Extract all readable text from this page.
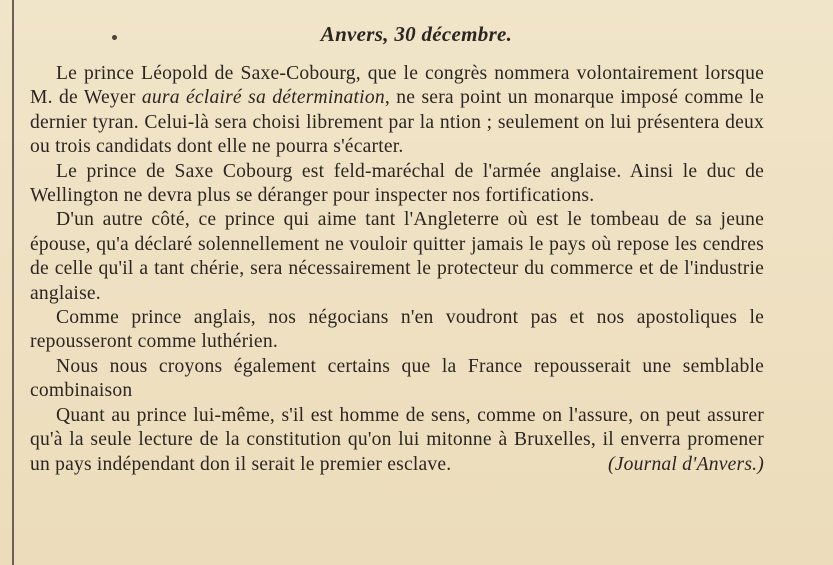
Anvers, 30 décembre.

Le prince Léopold de Saxe-Cobourg, que le congrès nommera volontairement lorsque M. de Weyer aura éclairé sa détermination, ne sera point un monarque imposé comme le dernier tyran. Celui-là sera choisi librement par la ntion ; seulement on lui présentera deux ou trois candidats dont elle ne pourra s'écarter.

Le prince de Saxe Cobourg est feld-maréchal de l'armée anglaise. Ainsi le duc de Wellington ne devra plus se déranger pour inspecter nos fortifications.

D'un autre côté, ce prince qui aime tant l'Angleterre où est le tombeau de sa jeune épouse, qu'a déclaré solennellement ne vouloir quitter jamais le pays où repose les cendres de celle qu'il a tant chérie, sera nécessairement le protecteur du commerce et de l'industrie anglaise.

Comme prince anglais, nos négocians n'en voudront pas et nos apostoliques le repousseront comme luthérien.

Nous nous croyons également certains que la France repousserait une semblable combinaison

Quant au prince lui-même, s'il est homme de sens, comme on l'assure, on peut assurer qu'à la seule lecture de la constitution qu'on lui mitonne à Bruxelles, il enverra promener un pays indépendant don il serait le premier esclave.	(Journal d'Anvers.)
